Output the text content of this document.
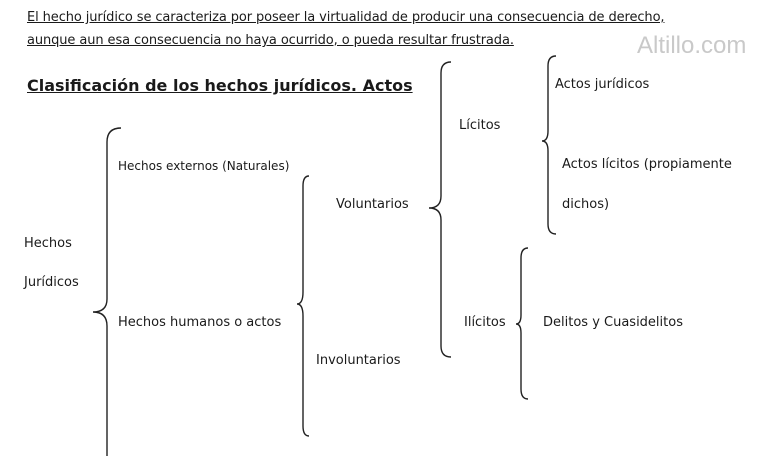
El hecho jurídico se caracteriza por poseer la virtualidad de producir una consecuencia de derecho,
aunque aun esa consecuencia no haya ocurrido, o pueda resultar frustrada.	Altillo.com
Clasificación de los hechos jurídicos. Actos
Hechos
Jurídicos
Hechos externos (Naturales)
Hechos humanos o actos
Voluntarios
Involuntarios
Lícitos
Ilícitos
Actos jurídicos
Actos lícitos (propiamente
dichos)
Delitos y Cuasidelitos
